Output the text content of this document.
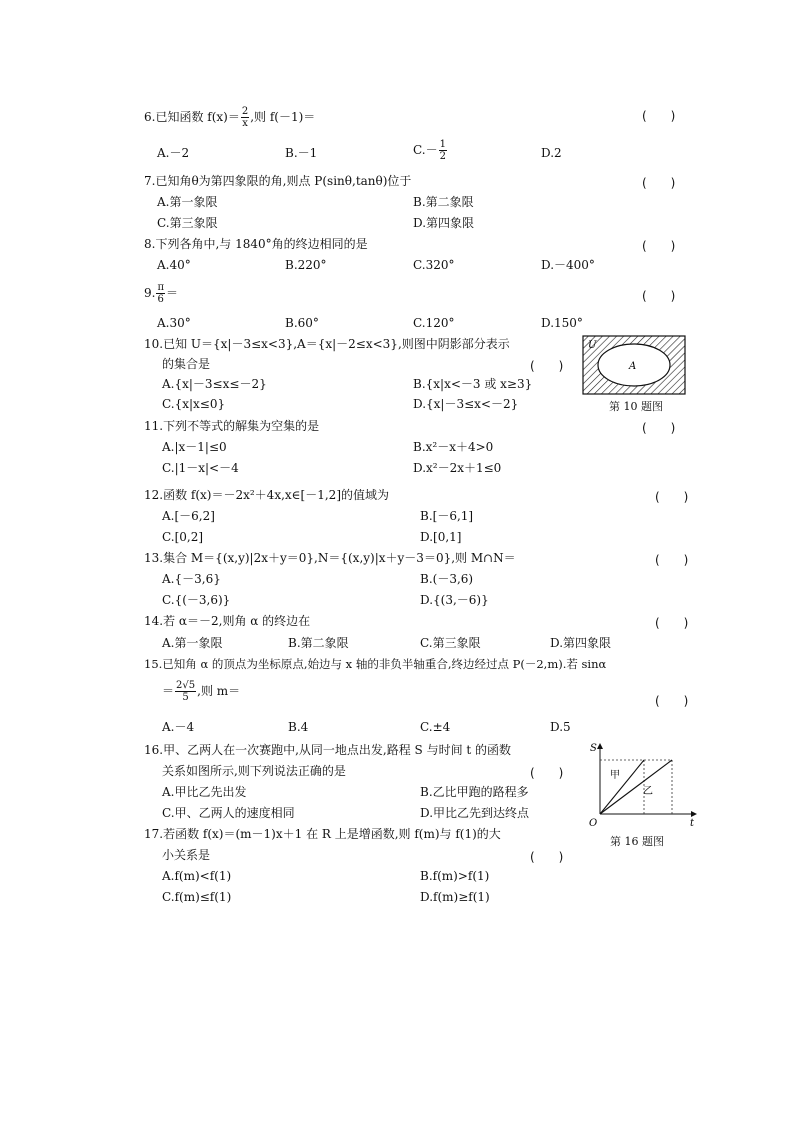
6.已知函数 $f(x)= \frac{2}{x}$ ,则 f(－1)＝	(　　)
A.－2	B.－1	$C.- \frac{1}{2}$	D.2
7.已知角θ为第四象限的角,则点 P(sinθ,tanθ)位于	(　　)
A.第一象限	B.第二象限
C.第三象限	D.第四象限
8.下列各角中,与 1840°角的终边相同的是	(　　)
A.40°	B.220°	C.320°	D.－400°
9. $\frac{\pi}{6}$ ＝	(　　)
A.30°	B.60°	C.120°	D.150°
10.已知 U＝{x|－3≤x<3},A＝{x|－2≤x<3},则图中阴影部分表示
的集合是	(　　)
A.{x|－3≤x≤－2}	B.{x|x<－3 或 x≥3}
C.{x|x≤0}	D.{x|－3≤x<－2}
U
A
第 10 题图
11.下列不等式的解集为空集的是	(　　)
A.|x－1|≤0	B.x²－x＋4>0
C.|1－x|<－4	D.x²－2x＋1≤0
12.函数 f(x)＝－2x²＋4x,x∈[－1,2]的值域为	(　　)
A.[－6,2]	B.[－6,1]
C.[0,2]	D.[0,1]
13.集合 M＝{(x,y)|2x＋y＝0},N＝{(x,y)|x＋y－3＝0},则 M∩N＝	(　　)
A.{－3,6}	B.(－3,6)
C.{(－3,6)}	D.{(3,－6)}
14.若 α＝－2,则角 α 的终边在	(　　)
A.第一象限	B.第二象限	C.第三象限	D.第四象限
15.已知角 α 的顶点为坐标原点,始边与 x 轴的非负半轴重合,终边经过点 P(－2,m).若 sinα
＝ $\frac{2√5}{5}$ ,则 m＝
(　　)
A.－4	B.4	C.±4	D.5
16.甲、乙两人在一次赛跑中,从同一地点出发,路程 S 与时间 t 的函数
关系如图所示,则下列说法正确的是	(　　)
A.甲比乙先出发	B.乙比甲跑的路程多
C.甲、乙两人的速度相同	D.甲比乙先到达终点
S
t
O
甲
乙
第 16 题图
17.若函数 f(x)＝(m－1)x＋1 在 R 上是增函数,则 f(m)与 f(1)的大
小关系是	(　　)
A.f(m)<f(1)	B.f(m)>f(1)
C.f(m)≤f(1)	D.f(m)≥f(1)
